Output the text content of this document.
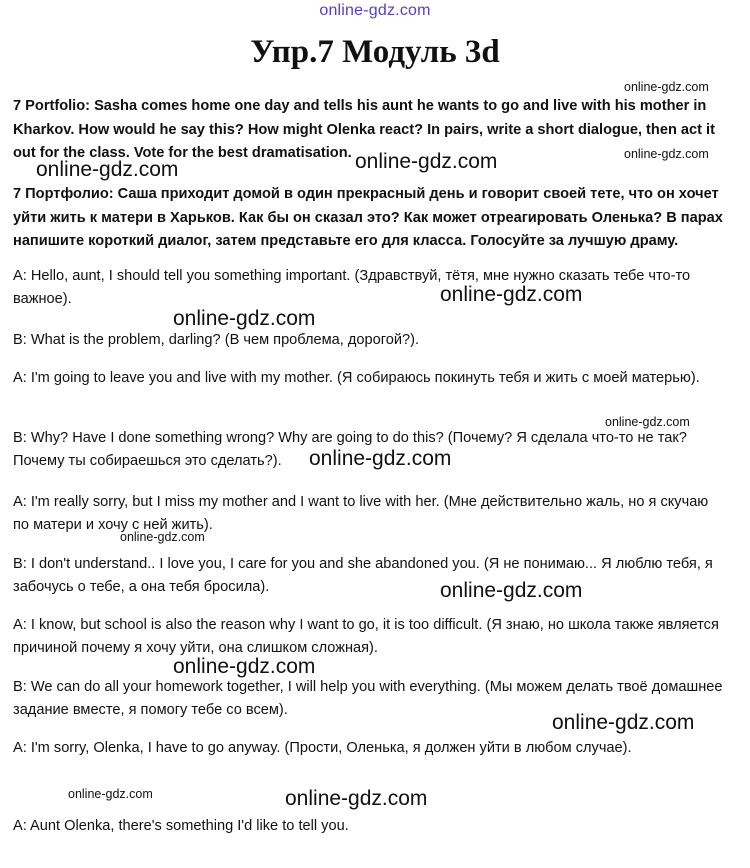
online-gdz.com
Упр.7 Модуль 3d

7 Portfolio: Sasha comes home one day and tells his aunt he wants to go and live with his mother in Kharkov. How would he say this? How might Olenka react? In pairs, write a short dialogue, then act it out for the class. Vote for the best dramatisation.

7 Портфолио: Саша приходит домой в один прекрасный день и говорит своей тете, что он хочет уйти жить к матери в Харьков. Как бы он сказал это? Как может отреагировать Оленька? В парах напишите короткий диалог, затем представьте его для класса. Голосуйте за лучшую драму.

A: Hello, aunt, I should tell you something important. (Здравствуй, тётя, мне нужно сказать тебе что-то важное).

B: What is the problem, darling? (В чем проблема, дорогой?).

A: I'm going to leave you and live with my mother. (Я собираюсь покинуть тебя и жить с моей матерью).

B: Why? Have I done something wrong? Why are going to do this? (Почему? Я сделала что-то не так? Почему ты собираешься это сделать?).

A: I'm really sorry, but I miss my mother and I want to live with her. (Мне действительно жаль, но я скучаю по матери и хочу с ней жить).

B: I don't understand.. I love you, I care for you and she abandoned you. (Я не понимаю... Я люблю тебя, я забочусь о тебе, а она тебя бросила).

A: I know, but school is also the reason why I want to go, it is too difficult. (Я знаю, но школа также является причиной почему я хочу уйти, она слишком сложная).

B: We can do all your homework together, I will help you with everything. (Мы можем делать твоё домашнее задание вместе, я помогу тебе со всем).

A: I'm sorry, Olenka, I have to go anyway. (Прости, Оленька, я должен уйти в любом случае).

A: Aunt Olenka, there's something I'd like to tell you.

online-gdz.com
online-gdz.com
online-gdz.com
online-gdz.com
online-gdz.com
online-gdz.com
online-gdz.com
online-gdz.com
online-gdz.com
online-gdz.com
online-gdz.com
online-gdz.com
online-gdz.com	online-gdz.com
